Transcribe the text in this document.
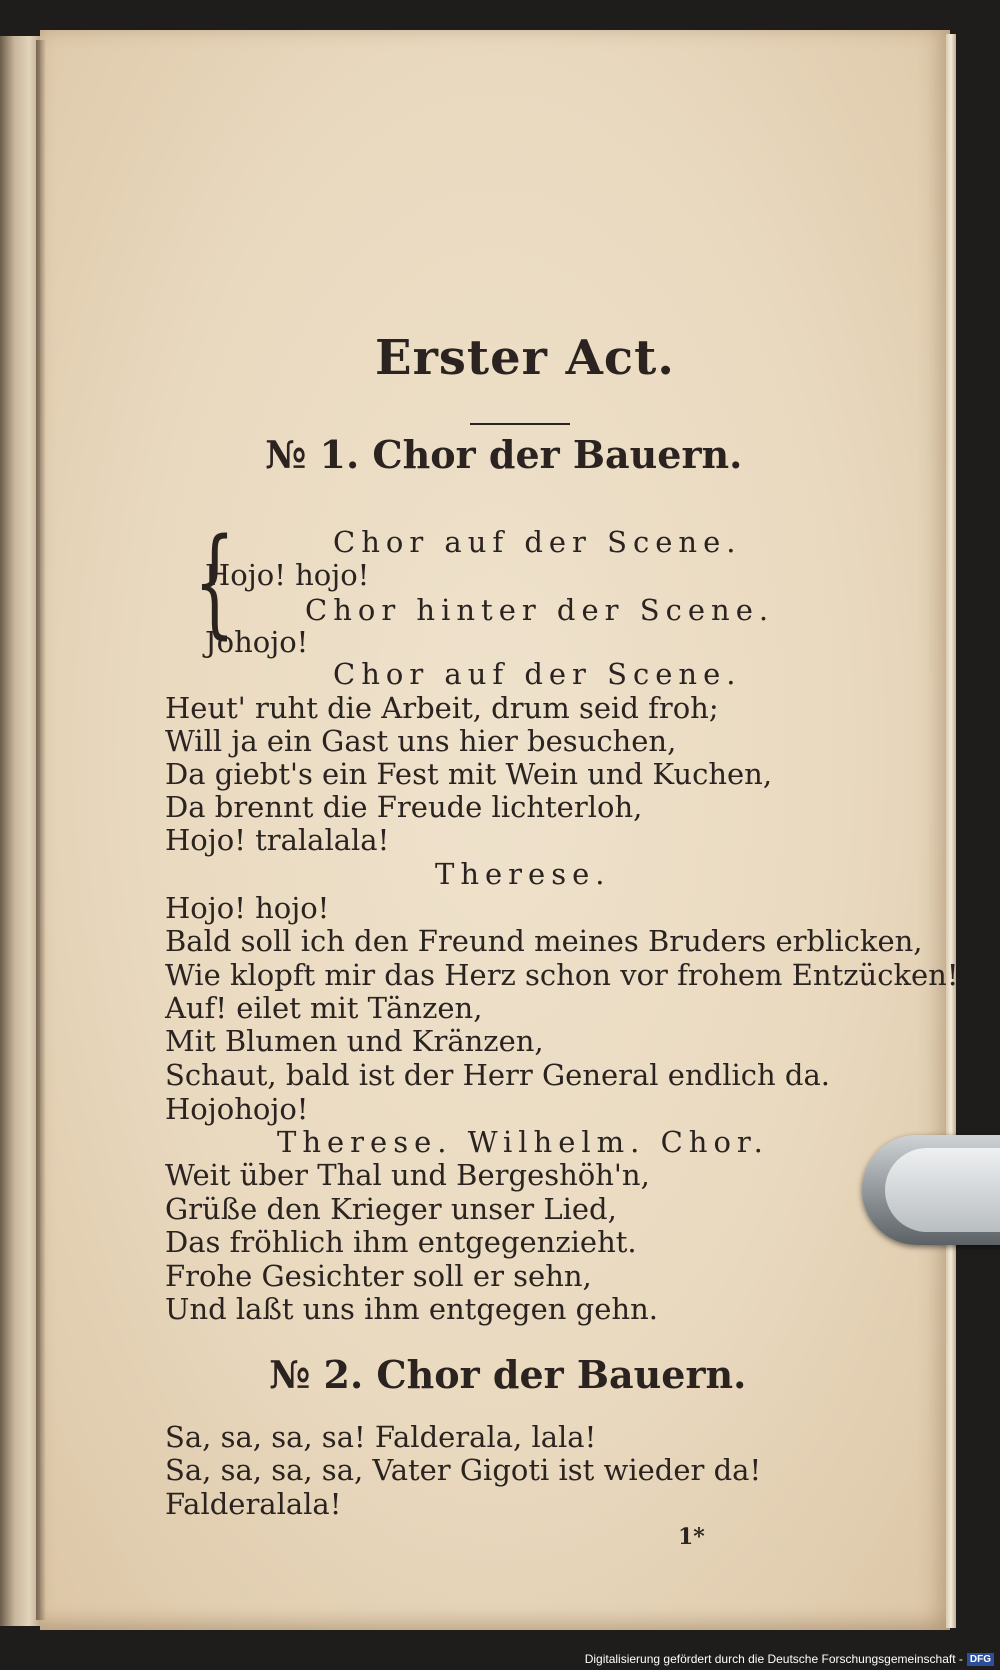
Erster Act.
№ 1. Chor der Bauern.
{	Chor auf der Scene.
Hojo! hojo!
Chor hinter der Scene.
Johojo!
Chor auf der Scene.
Heut' ruht die Arbeit, drum seid froh;
Will ja ein Gast uns hier besuchen,
Da giebt's ein Fest mit Wein und Kuchen,
Da brennt die Freude lichterloh,
Hojo! tralalala!
Therese.
Hojo! hojo!
Bald soll ich den Freund meines Bruders erblicken,
Wie klopft mir das Herz schon vor frohem Entzücken!
Auf! eilet mit Tänzen,
Mit Blumen und Kränzen,
Schaut, bald ist der Herr General endlich da.
Hojohojo!
Therese. Wilhelm. Chor.
Weit über Thal und Bergeshöh'n,
Grüße den Krieger unser Lied,
Das fröhlich ihm entgegenzieht.
Frohe Gesichter soll er sehn,
Und laßt uns ihm entgegen gehn.
№ 2. Chor der Bauern.
Sa, sa, sa, sa! Falderala, lala!
Sa, sa, sa, sa, Vater Gigoti ist wieder da!
Falderalala!
1*
Digitalisierung gefördert durch die Deutsche Forschungsgemeinschaft - DFG
